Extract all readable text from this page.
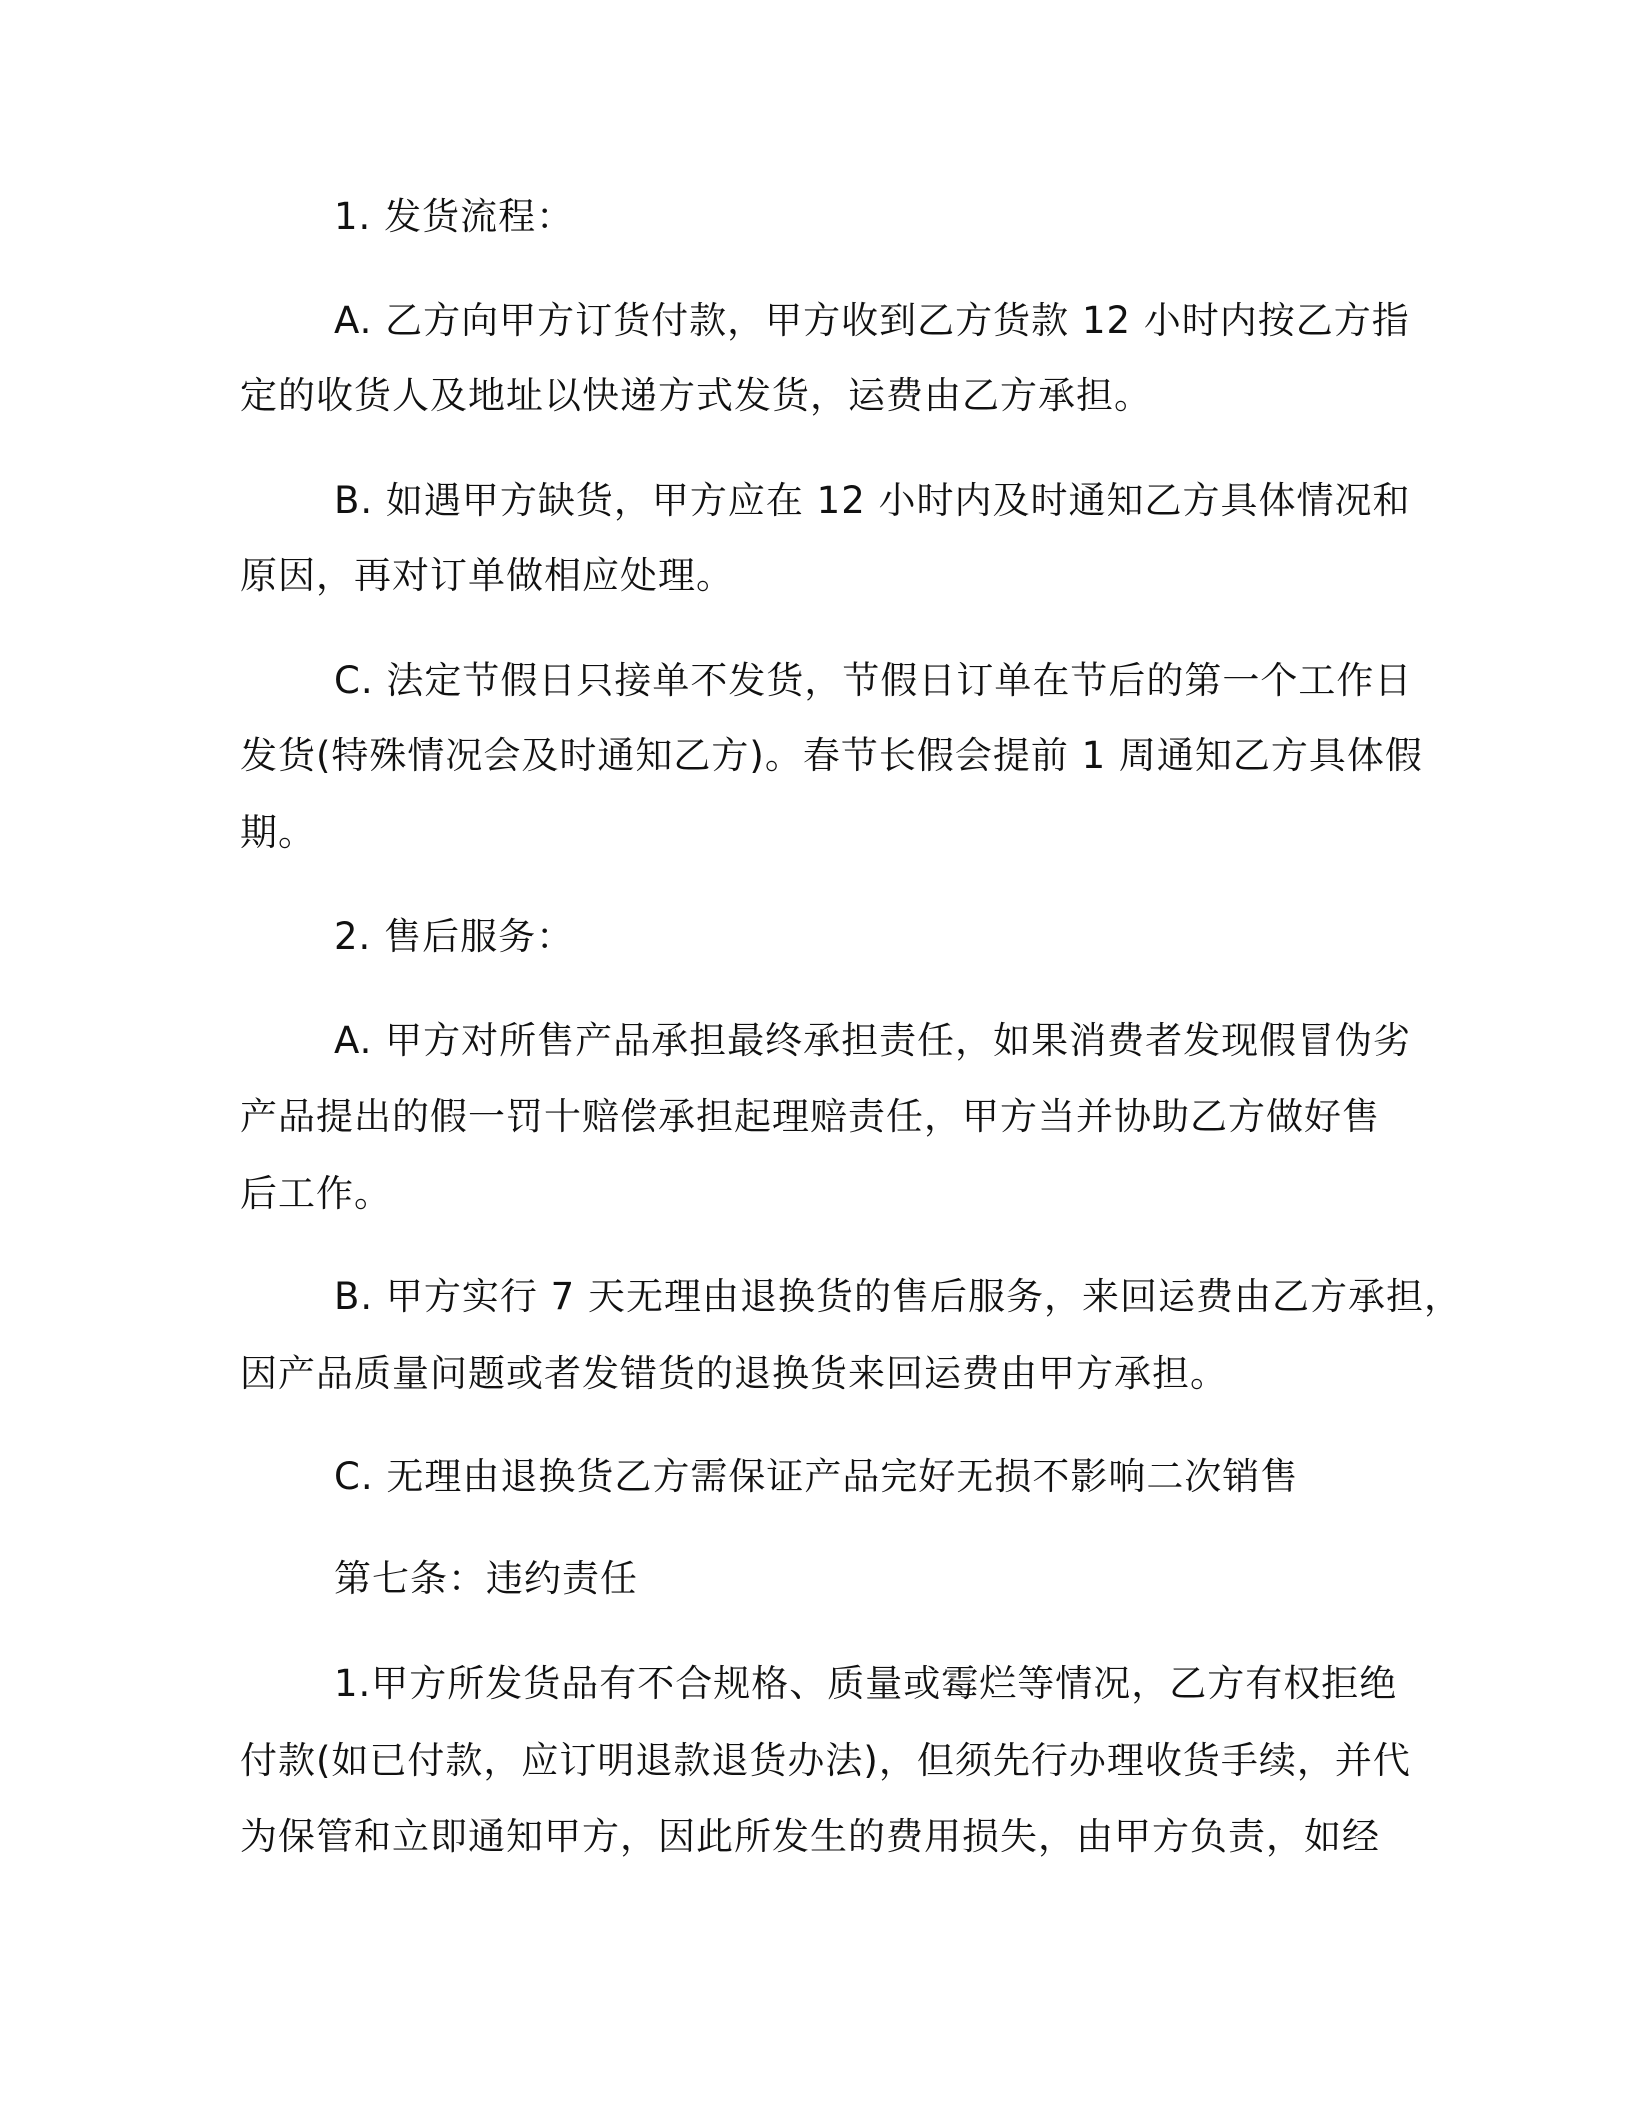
1. 发货流程：
A. 乙方向甲方订货付款，甲方收到乙方货款 12 小时内按乙方指
定的收货人及地址以快递方式发货，运费由乙方承担。
B. 如遇甲方缺货，甲方应在 12 小时内及时通知乙方具体情况和
原因，再对订单做相应处理。
C. 法定节假日只接单不发货，节假日订单在节后的第一个工作日
发货(特殊情况会及时通知乙方)。春节长假会提前 1 周通知乙方具体假
期。
2. 售后服务：
A. 甲方对所售产品承担最终承担责任，如果消费者发现假冒伪劣
产品提出的假一罚十赔偿承担起理赔责任，甲方当并协助乙方做好售
后工作。
B. 甲方实行 7 天无理由退换货的售后服务，来回运费由乙方承担，
因产品质量问题或者发错货的退换货来回运费由甲方承担。
C. 无理由退换货乙方需保证产品完好无损不影响二次销售
第七条：违约责任
1.甲方所发货品有不合规格、质量或霉烂等情况，乙方有权拒绝
付款(如已付款，应订明退款退货办法)，但须先行办理收货手续，并代
为保管和立即通知甲方，因此所发生的费用损失，由甲方负责，如经
